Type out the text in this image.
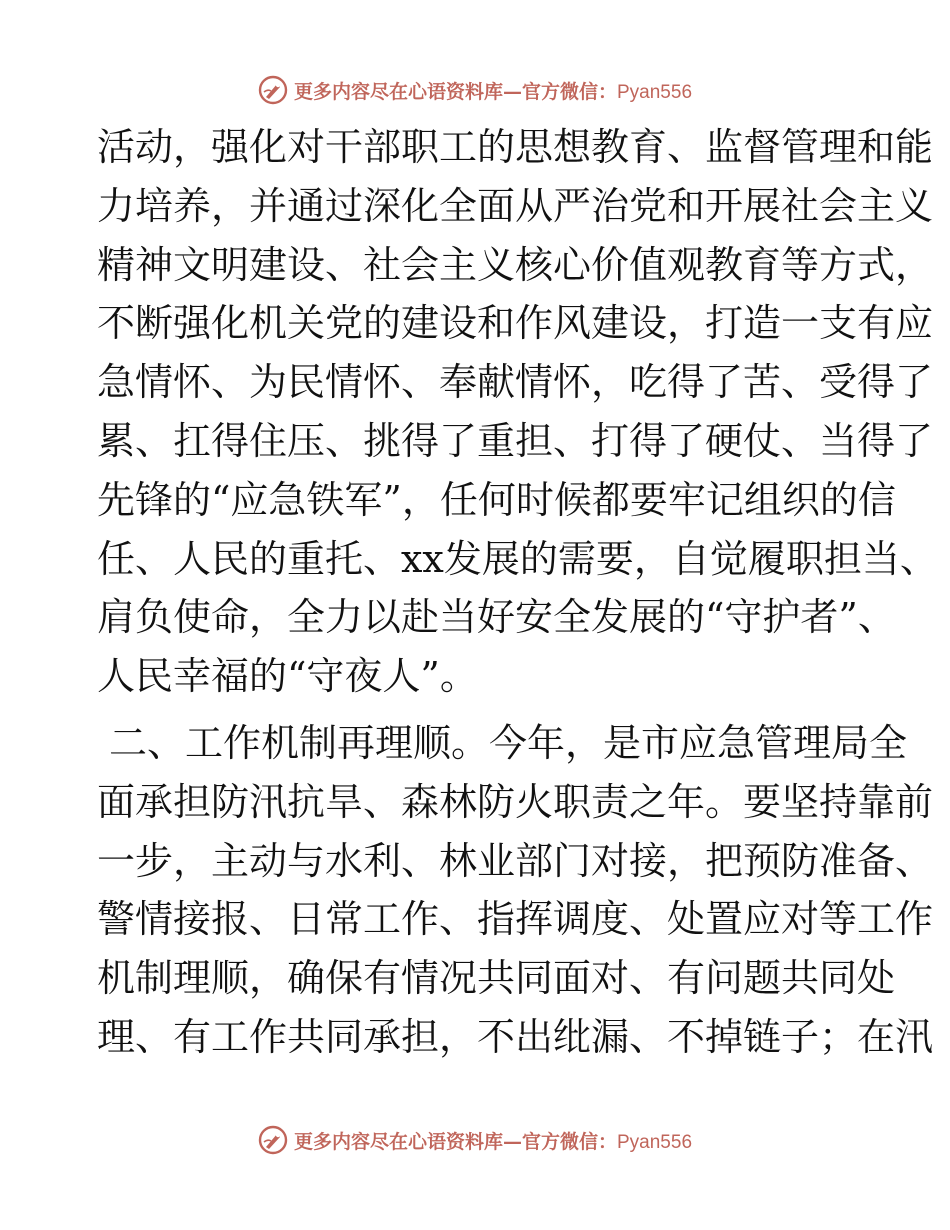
更多内容尽在心语资料库—官方微信：Pyan556
活动，强化对干部职工的思想教育、监督管理和能
力培养，并通过深化全面从严治党和开展社会主义
精神文明建设、社会主义核心价值观教育等方式，
不断强化机关党的建设和作风建设，打造一支有应
急情怀、为民情怀、奉献情怀，吃得了苦、受得了
累、扛得住压、挑得了重担、打得了硬仗、当得了
先锋的“应急铁军”，任何时候都要牢记组织的信
任、人民的重托、xx发展的需要，自觉履职担当、
肩负使命，全力以赴当好安全发展的“守护者”、
人民幸福的“守夜人”。
二、工作机制再理顺。今年，是市应急管理局全
面承担防汛抗旱、森林防火职责之年。要坚持靠前
一步，主动与水利、林业部门对接，把预防准备、
警情接报、日常工作、指挥调度、处置应对等工作
机制理顺，确保有情况共同面对、有问题共同处
理、有工作共同承担，不出纰漏、不掉链子；在汛
更多内容尽在心语资料库—官方微信：Pyan556
